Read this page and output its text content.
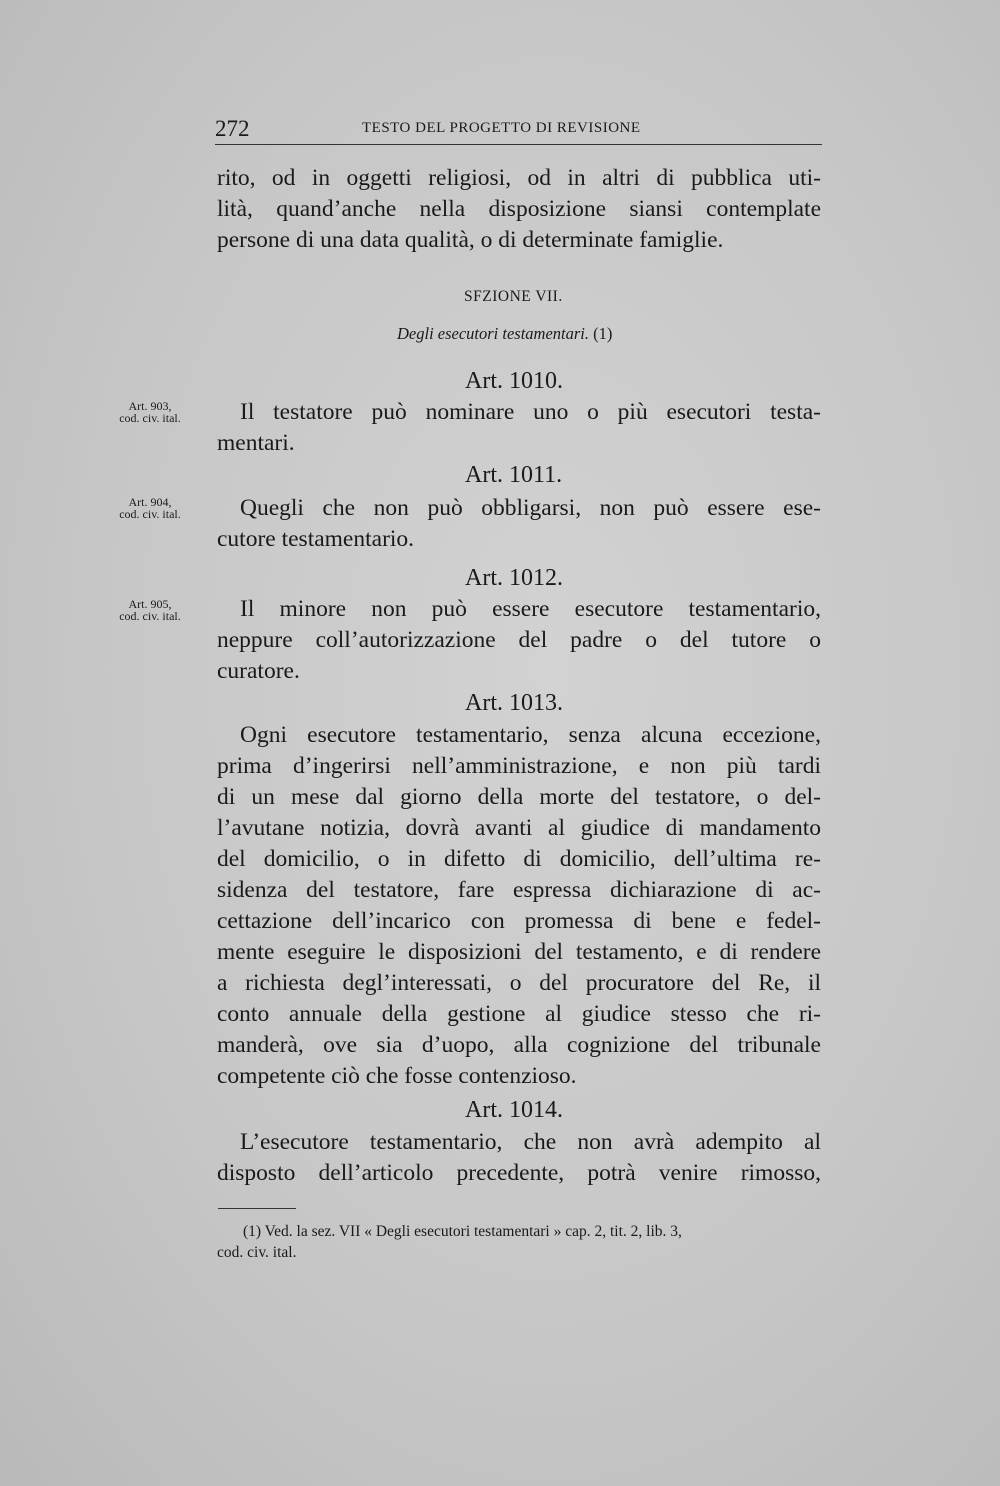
272	TESTO DEL PROGETTO DI REVISIONE
rito, od in oggetti religiosi, od in altri di pubblica uti-
lità, quand’anche nella disposizione siansi contemplate
persone di una data qualità, o di determinate famiglie.
SFZIONE VII.
Degli esecutori testamentari. (1)
Art. 1010.
Art. 903,
cod. civ. ital.	Il testatore può nominare uno o più esecutori testa-
mentari.
Art. 1011.
Art. 904,
cod. civ. ital.	Quegli che non può obbligarsi, non può essere ese-
cutore testamentario.
Art. 1012.
Art. 905,
cod. civ. ital.	Il minore non può essere esecutore testamentario,
neppure coll’autorizzazione del padre o del tutore o
curatore.
Art. 1013.
Ogni esecutore testamentario, senza alcuna eccezione,
prima d’ingerirsi nell’amministrazione, e non più tardi
di un mese dal giorno della morte del testatore, o del-
l’avutane notizia, dovrà avanti al giudice di mandamento
del domicilio, o in difetto di domicilio, dell’ultima re-
sidenza del testatore, fare espressa dichiarazione di ac-
cettazione dell’incarico con promessa di bene e fedel-
mente eseguire le disposizioni del testamento, e di rendere
a richiesta degl’interessati, o del procuratore del Re, il
conto annuale della gestione al giudice stesso che ri-
manderà, ove sia d’uopo, alla cognizione del tribunale
competente ciò che fosse contenzioso.
Art. 1014.
L’esecutore testamentario, che non avrà adempito al
disposto dell’articolo precedente, potrà venire rimosso,
(1) Ved. la sez. VII « Degli esecutori testamentari » cap. 2, tit. 2, lib. 3,
cod. civ. ital.
